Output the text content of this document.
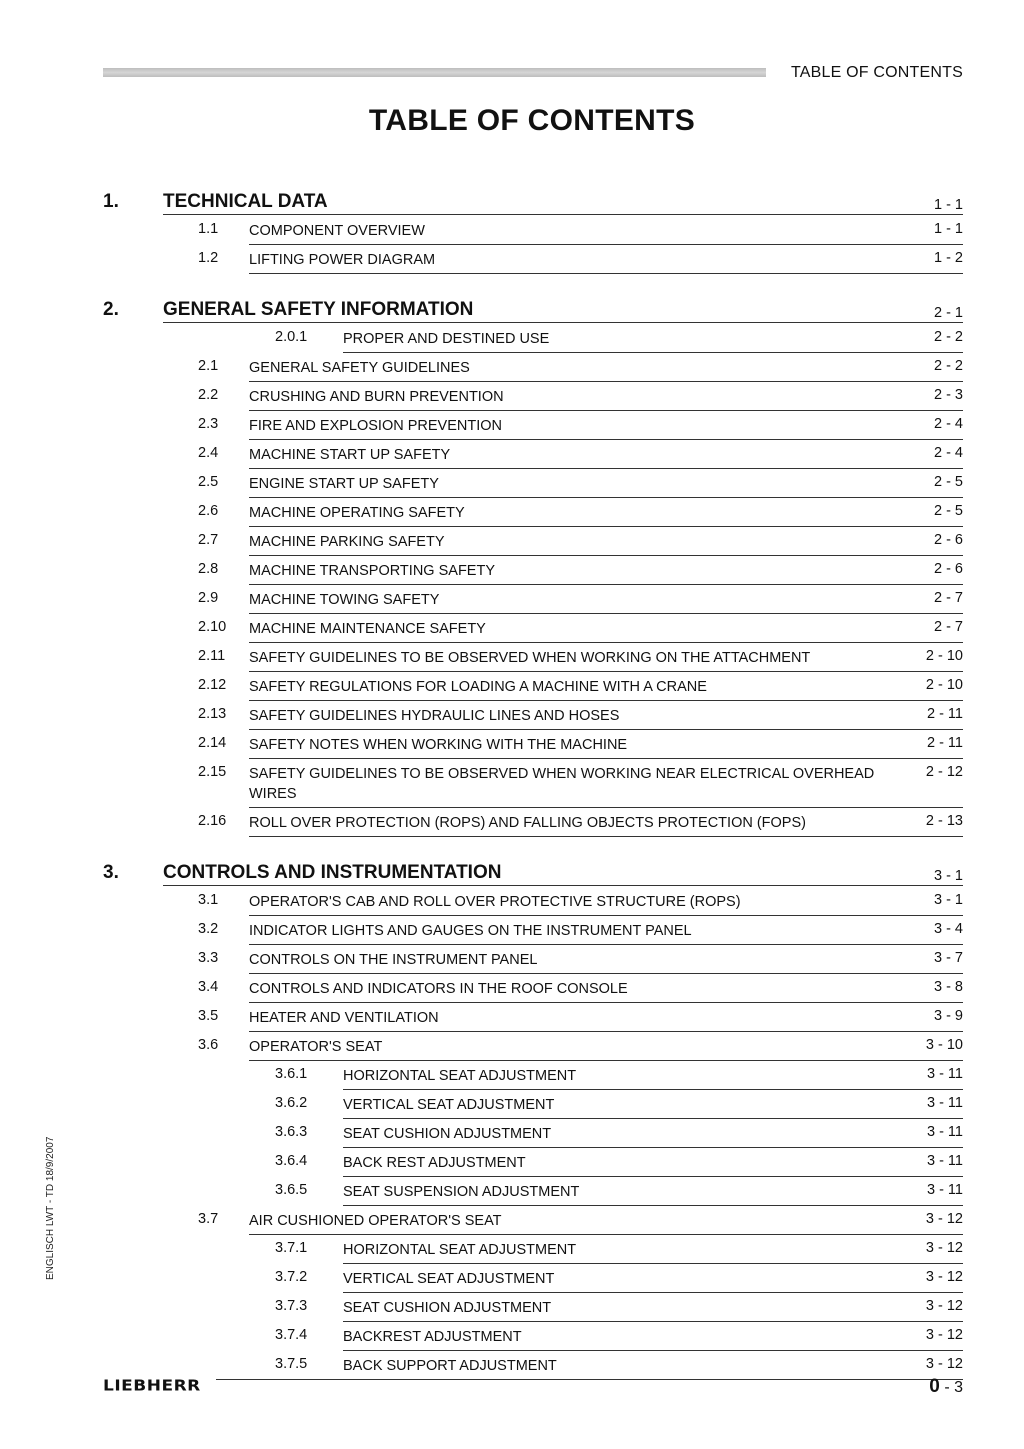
TABLE OF CONTENTS
TABLE OF CONTENTS
ENGLISCH LWT - TD 18/9/2007
1. TECHNICAL DATA	1 - 1
1.1 COMPONENT OVERVIEW	1 - 1
1.2 LIFTING POWER DIAGRAM	1 - 2
2. GENERAL SAFETY INFORMATION	2 - 1
2.0.1 PROPER AND DESTINED USE	2 - 2
2.1 GENERAL SAFETY GUIDELINES	2 - 2
2.2 CRUSHING AND BURN PREVENTION	2 - 3
2.3 FIRE AND EXPLOSION PREVENTION	2 - 4
2.4 MACHINE START UP SAFETY	2 - 4
2.5 ENGINE START UP SAFETY	2 - 5
2.6 MACHINE OPERATING SAFETY	2 - 5
2.7 MACHINE PARKING SAFETY	2 - 6
2.8 MACHINE TRANSPORTING SAFETY	2 - 6
2.9 MACHINE TOWING SAFETY	2 - 7
2.10 MACHINE MAINTENANCE SAFETY	2 - 7
2.11 SAFETY GUIDELINES TO BE OBSERVED WHEN WORKING ON THE ATTACHMENT	2 - 10
2.12 SAFETY REGULATIONS FOR LOADING A MACHINE WITH A CRANE	2 - 10
2.13 SAFETY GUIDELINES HYDRAULIC LINES AND HOSES	2 - 11
2.14 SAFETY NOTES WHEN WORKING WITH THE MACHINE	2 - 11
2.15 SAFETY GUIDELINES TO BE OBSERVED WHEN WORKING NEAR ELECTRICAL OVERHEAD WIRES
2 - 12
2.16 ROLL OVER PROTECTION (ROPS) AND FALLING OBJECTS PROTECTION (FOPS)	2 - 13
3. CONTROLS AND INSTRUMENTATION	3 - 1
3.1 OPERATOR'S CAB AND ROLL OVER PROTECTIVE STRUCTURE (ROPS)	3 - 1
3.2 INDICATOR LIGHTS AND GAUGES ON THE INSTRUMENT PANEL	3 - 4
3.3 CONTROLS ON THE INSTRUMENT PANEL	3 - 7
3.4 CONTROLS AND INDICATORS IN THE ROOF CONSOLE	3 - 8
3.5 HEATER AND VENTILATION	3 - 9
3.6 OPERATOR'S SEAT	3 - 10
3.6.1 HORIZONTAL SEAT ADJUSTMENT	3 - 11
3.6.2 VERTICAL SEAT ADJUSTMENT	3 - 11
3.6.3 SEAT CUSHION ADJUSTMENT	3 - 11
3.6.4 BACK REST ADJUSTMENT	3 - 11
3.6.5 SEAT SUSPENSION ADJUSTMENT	3 - 11
3.7 AIR CUSHIONED OPERATOR'S SEAT	3 - 12
3.7.1 HORIZONTAL SEAT ADJUSTMENT	3 - 12
3.7.2 VERTICAL SEAT ADJUSTMENT	3 - 12
3.7.3 SEAT CUSHION ADJUSTMENT	3 - 12
3.7.4 BACKREST ADJUSTMENT	3 - 12
3.7.5 BACK SUPPORT ADJUSTMENT	3 - 12
LIEBHERR	0 - 3
